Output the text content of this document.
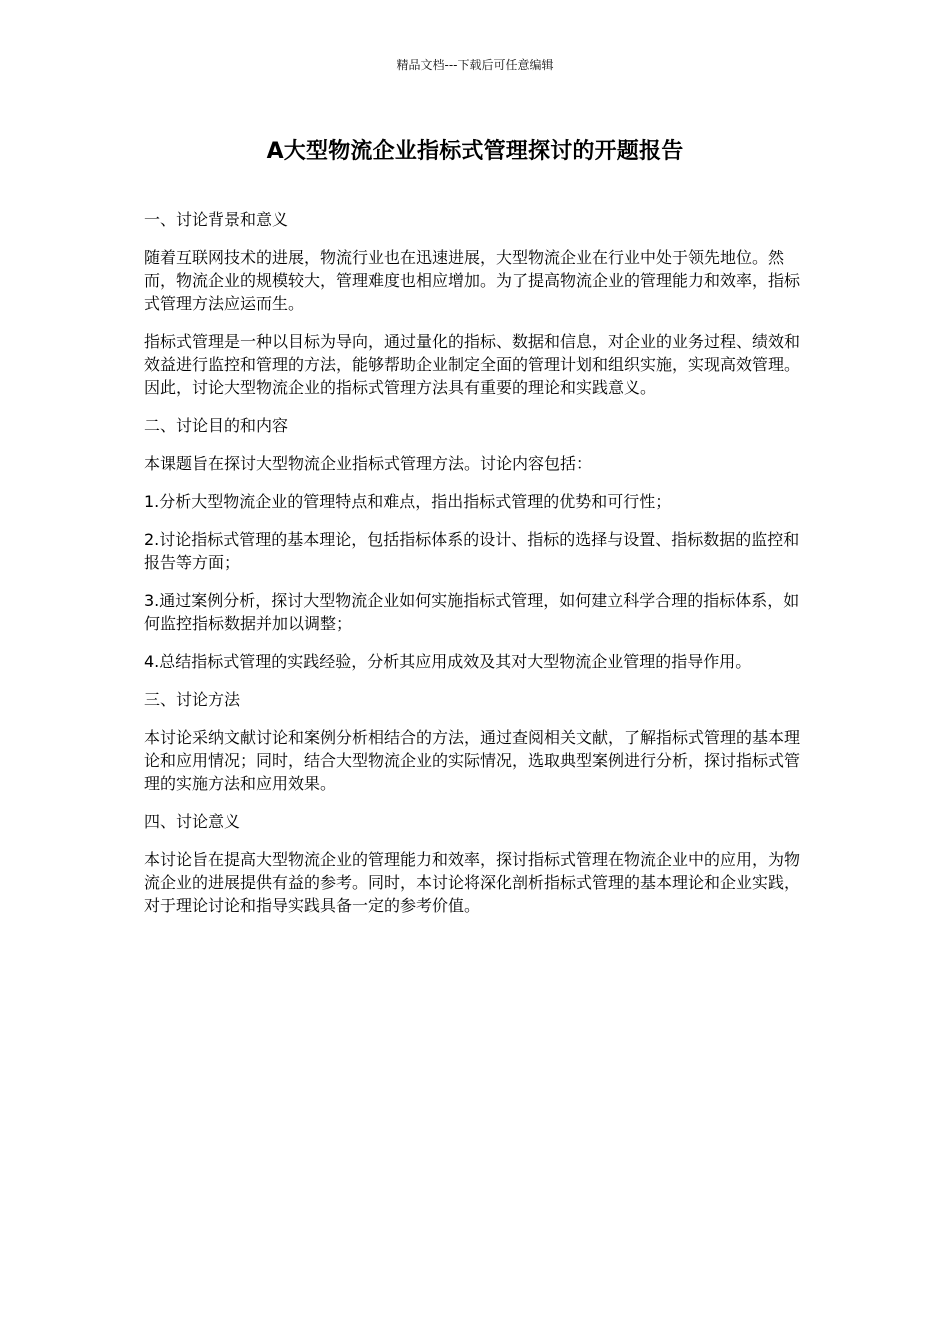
精品文档---下载后可任意编辑
A大型物流企业指标式管理探讨的开题报告

一、讨论背景和意义

随着互联网技术的进展，物流行业也在迅速进展，大型物流企业在行业中处于领先地位。然而，物流企业的规模较大，管理难度也相应增加。为了提高物流企业的管理能力和效率，指标式管理方法应运而生。

指标式管理是一种以目标为导向，通过量化的指标、数据和信息，对企业的业务过程、绩效和效益进行监控和管理的方法，能够帮助企业制定全面的管理计划和组织实施，实现高效管理。因此，讨论大型物流企业的指标式管理方法具有重要的理论和实践意义。

二、讨论目的和内容

本课题旨在探讨大型物流企业指标式管理方法。讨论内容包括：

1.分析大型物流企业的管理特点和难点，指出指标式管理的优势和可行性；

2.讨论指标式管理的基本理论，包括指标体系的设计、指标的选择与设置、指标数据的监控和报告等方面；

3.通过案例分析，探讨大型物流企业如何实施指标式管理，如何建立科学合理的指标体系，如何监控指标数据并加以调整；

4.总结指标式管理的实践经验，分析其应用成效及其对大型物流企业管理的指导作用。

三、讨论方法

本讨论采纳文献讨论和案例分析相结合的方法，通过查阅相关文献，了解指标式管理的基本理论和应用情况；同时，结合大型物流企业的实际情况，选取典型案例进行分析，探讨指标式管理的实施方法和应用效果。

四、讨论意义

本讨论旨在提高大型物流企业的管理能力和效率，探讨指标式管理在物流企业中的应用，为物流企业的进展提供有益的参考。同时，本讨论将深化剖析指标式管理的基本理论和企业实践，对于理论讨论和指导实践具备一定的参考价值。
